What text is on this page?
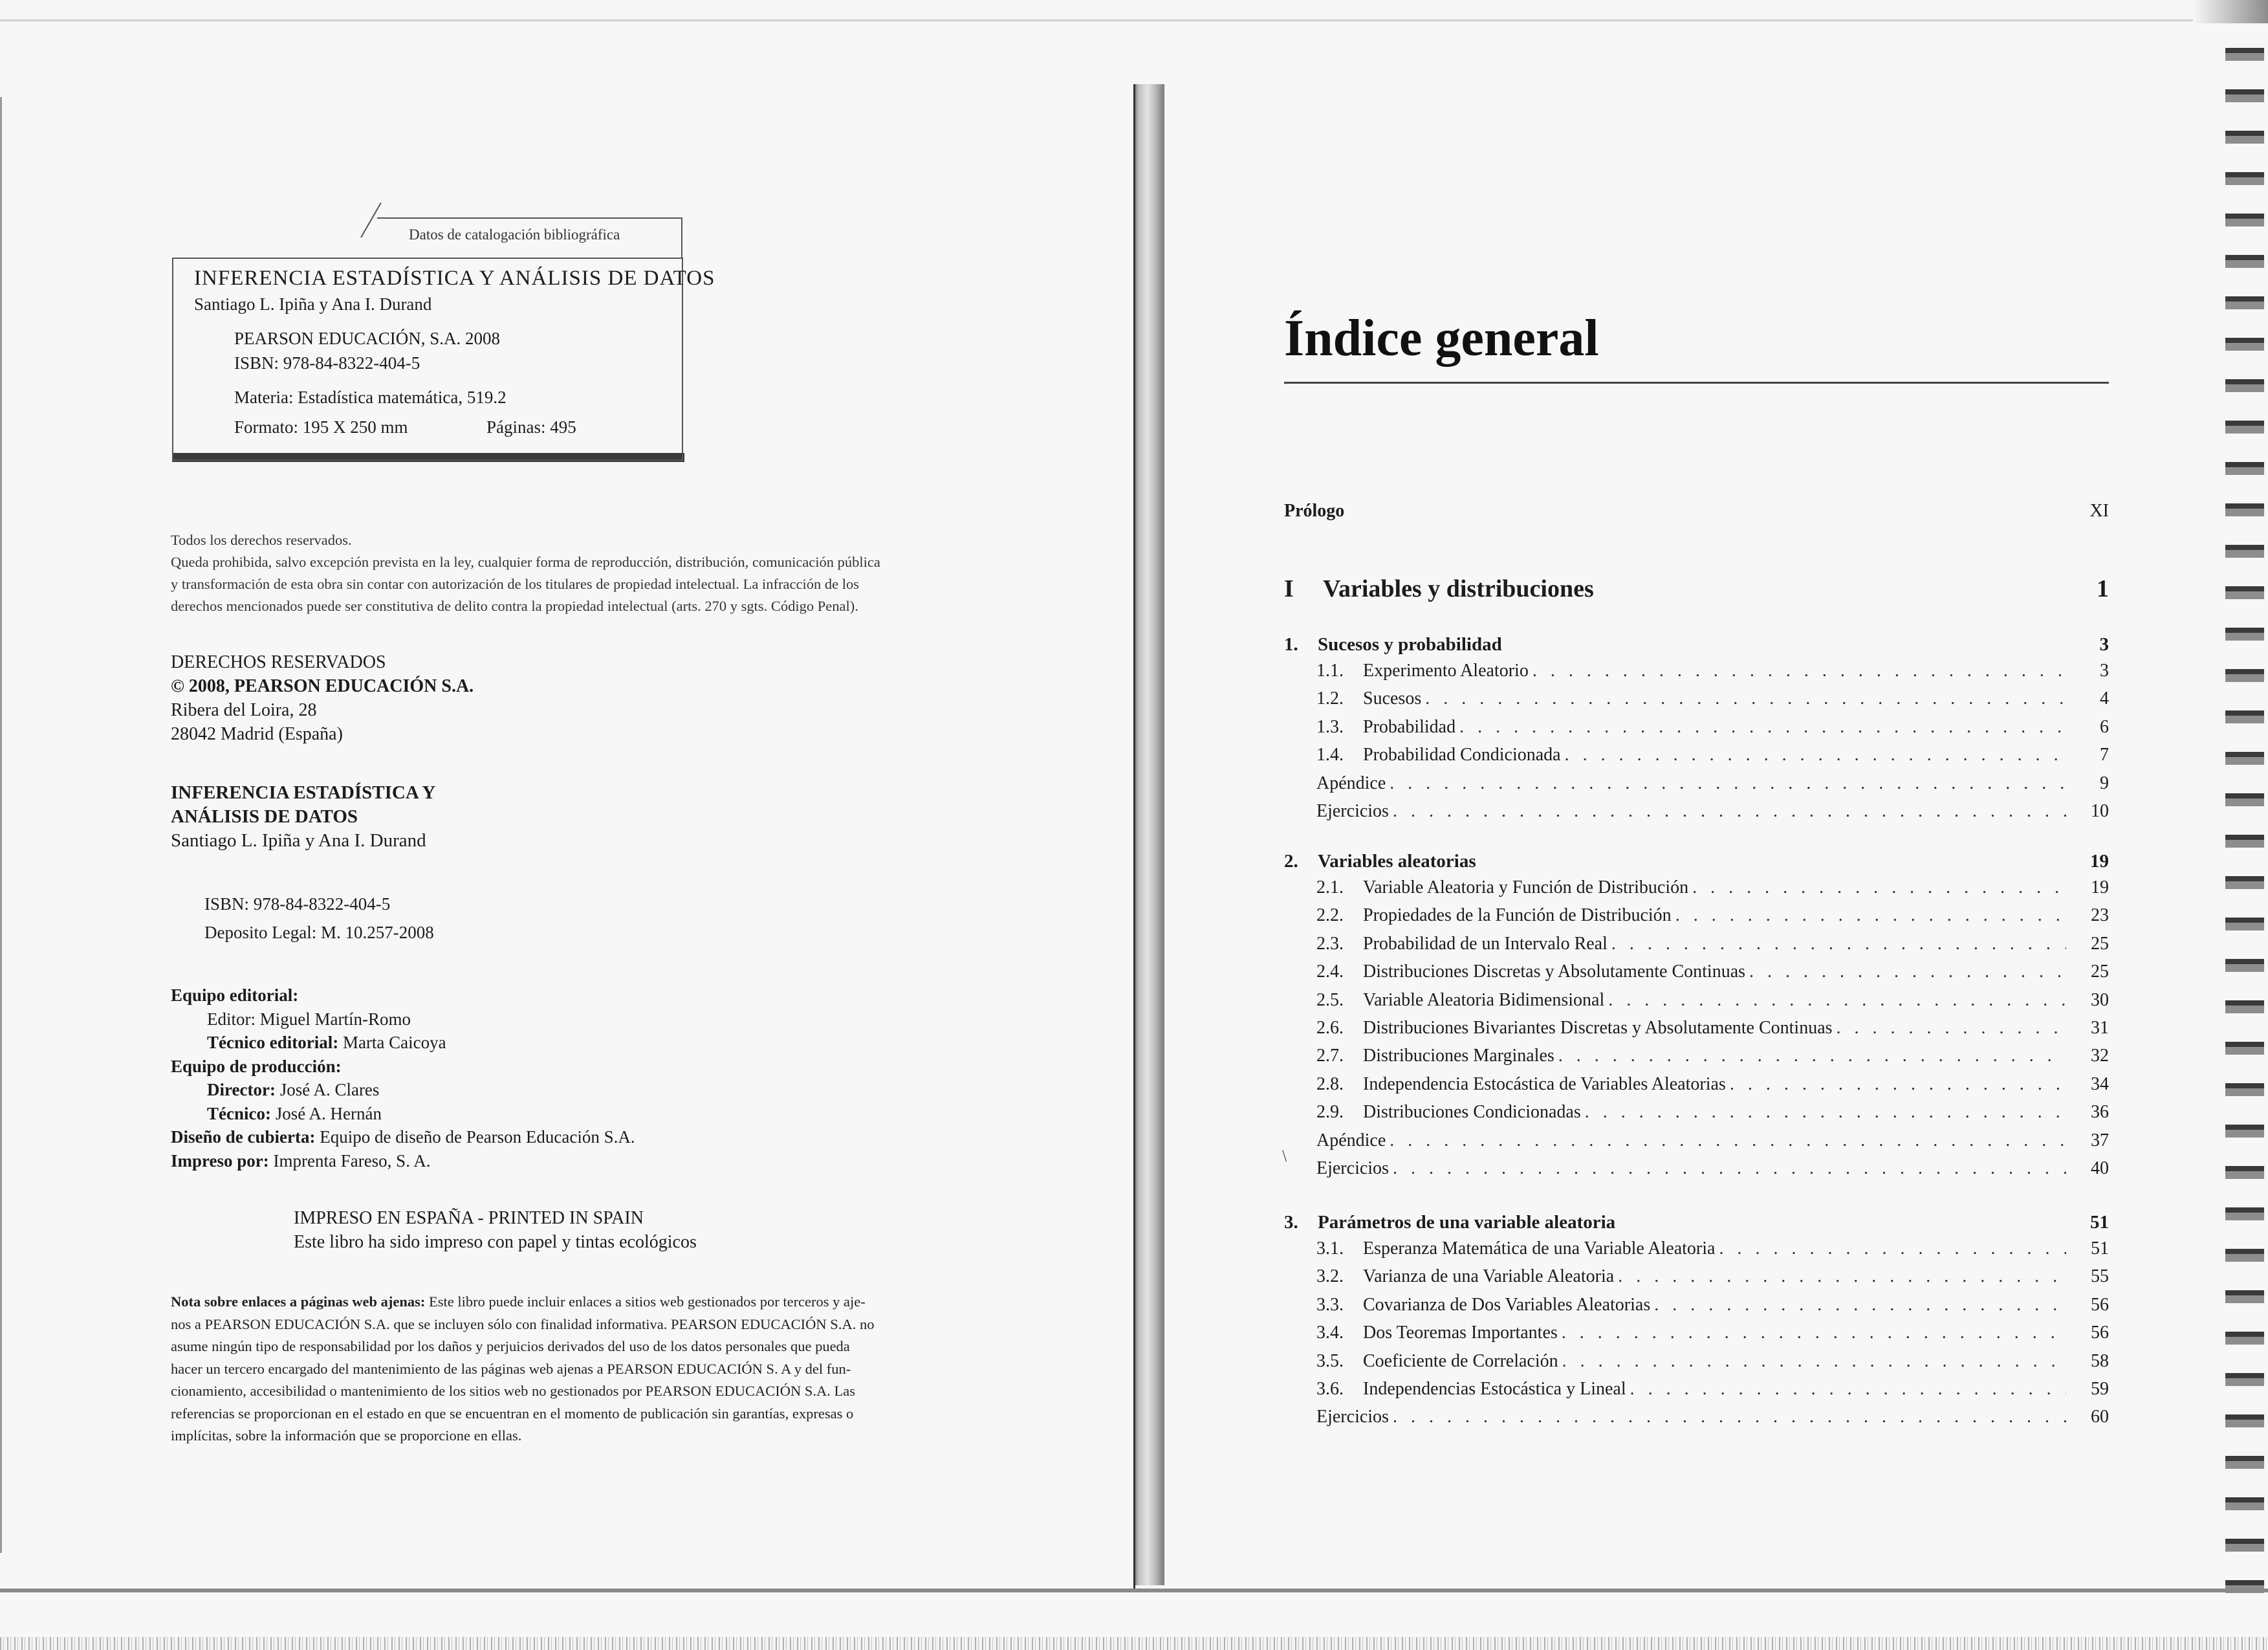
Datos de catalogación bibliográfica
INFERENCIA ESTADÍSTICA Y ANÁLISIS DE DATOS
Santiago L. Ipiña y Ana I. Durand
PEARSON EDUCACIÓN, S.A. 2008
ISBN: 978-84-8322-404-5
Materia: Estadística matemática, 519.2
Formato: 195 X 250 mm	Páginas: 495
Todos los derechos reservados.
Queda prohibida, salvo excepción prevista en la ley, cualquier forma de reproducción, distribución, comunicación pública
y transformación de esta obra sin contar con autorización de los titulares de propiedad intelectual. La infracción de los
derechos mencionados puede ser constitutiva de delito contra la propiedad intelectual (arts. 270 y sgts. Código Penal).
DERECHOS RESERVADOS
© 2008, PEARSON EDUCACIÓN S.A.
Ribera del Loira, 28
28042 Madrid (España)
INFERENCIA ESTADÍSTICA Y
ANÁLISIS DE DATOS
Santiago L. Ipiña y Ana I. Durand
ISBN: 978-84-8322-404-5
Deposito Legal: M. 10.257-2008
Equipo editorial:
Editor: Miguel Martín-Romo
Técnico editorial: Marta Caicoya
Equipo de producción:
Director: José A. Clares
Técnico: José A. Hernán
Diseño de cubierta: Equipo de diseño de Pearson Educación S.A.
Impreso por: Imprenta Fareso, S. A.
IMPRESO EN ESPAÑA - PRINTED IN SPAIN
Este libro ha sido impreso con papel y tintas ecológicos
Nota sobre enlaces a páginas web ajenas: Este libro puede incluir enlaces a sitios web gestionados por terceros y aje-
nos a PEARSON EDUCACIÓN S.A. que se incluyen sólo con finalidad informativa. PEARSON EDUCACIÓN S.A. no
asume ningún tipo de responsabilidad por los daños y perjuicios derivados del uso de los datos personales que pueda
hacer un tercero encargado del mantenimiento de las páginas web ajenas a PEARSON EDUCACIÓN S. A y del fun-
cionamiento, accesibilidad o mantenimiento de los sitios web no gestionados por PEARSON EDUCACIÓN S.A. Las
referencias se proporcionan en el estado en que se encuentran en el momento de publicación sin garantías, expresas o
implícitas, sobre la información que se proporcione en ellas.
Índice general
Prólogo	XI
I Variables y distribuciones	1
\
1. Sucesos y probabilidad	3
1.1.	Experimento Aleatorio . . .	3
1.2.	Sucesos . . .	4
1.3.	Probabilidad . . .	6
1.4.	Probabilidad Condicionada . . .	7
Apéndice . . .	9
Ejercicios . . .	10
2. Variables aleatorias	19
2.1.	Variable Aleatoria y Función de Distribución . . .	19
2.2.	Propiedades de la Función de Distribución . . .	23
2.3.	Probabilidad de un Intervalo Real . . .	25
2.4.	Distribuciones Discretas y Absolutamente Continuas . . .	25
2.5.	Variable Aleatoria Bidimensional . . .	30
2.6.	Distribuciones Bivariantes Discretas y Absolutamente Continuas . . .	31
2.7.	Distribuciones Marginales . . .	32
2.8.	Independencia Estocástica de Variables Aleatorias . . .	34
2.9.	Distribuciones Condicionadas . . .	36
Apéndice . . .	37
Ejercicios . . .	40
3. Parámetros de una variable aleatoria	51
3.1.	Esperanza Matemática de una Variable Aleatoria . . .	51
3.2.	Varianza de una Variable Aleatoria . . .	55
3.3.	Covarianza de Dos Variables Aleatorias . . .	56
3.4.	Dos Teoremas Importantes . . .	56
3.5.	Coeficiente de Correlación . . .	58
3.6.	Independencias Estocástica y Lineal . . .	59
Ejercicios . . .	60
